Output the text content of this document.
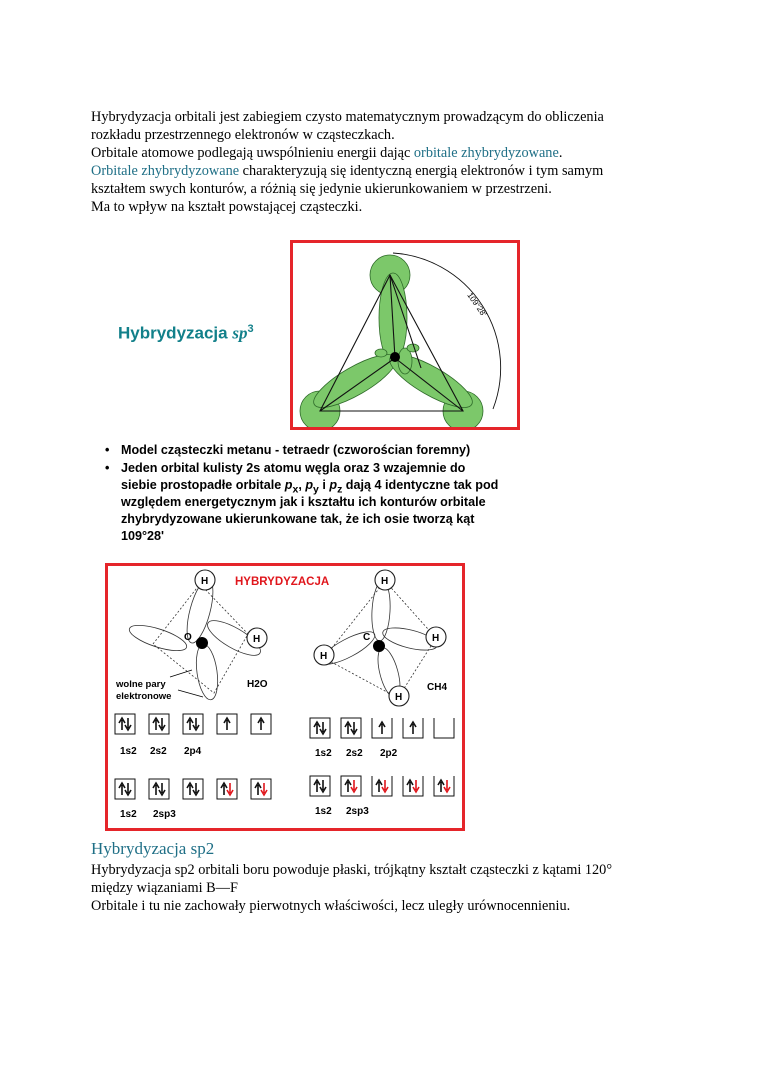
Hybrydyzacja orbitali jest zabiegiem czysto matematycznym prowadzącym do obliczenia
rozkładu przestrzennego elektronów w cząsteczkach.
Orbitale atomowe podlegają uwspólnieniu energii dając orbitale zhybrydyzowane.
Orbitale zhybrydyzowane charakteryzują się identyczną energią elektronów i tym samym
kształtem swych konturów, a różnią się jedynie ukierunkowaniem w przestrzeni.
Ma to wpływ na kształt powstającej cząsteczki.
Hybrydyzacja $sp^3$
109°28'
• Model cząsteczki metanu - tetraedr (czworościan foremny)
• Jeden orbital kulisty 2s atomu węgla oraz 3 wzajemnie do
siebie prostopadłe orbitale $p_x$, $p_y$ i $p_z$ dają 4 identyczne tak pod
względem energetycznym jak i kształtu ich konturów orbitale
zhybrydyzowane ukierunkowane tak, że ich osie tworzą kąt
109°28'
HYBRYDYZACJA
H
H
O
wolne pary
elektronowe
H2O
H
H
H
H
C
CH4
1s2 2s2 2p4
1s2 2sp3
1s2 2s2 2p2
1s2 2sp3
Hybrydyzacja sp2
Hybrydyzacja sp2 orbitali boru powoduje płaski, trójkątny kształt cząsteczki z kątami 120°
między wiązaniami B—F
Orbitale i tu nie zachowały pierwotnych właściwości, lecz uległy urównocennieniu.
